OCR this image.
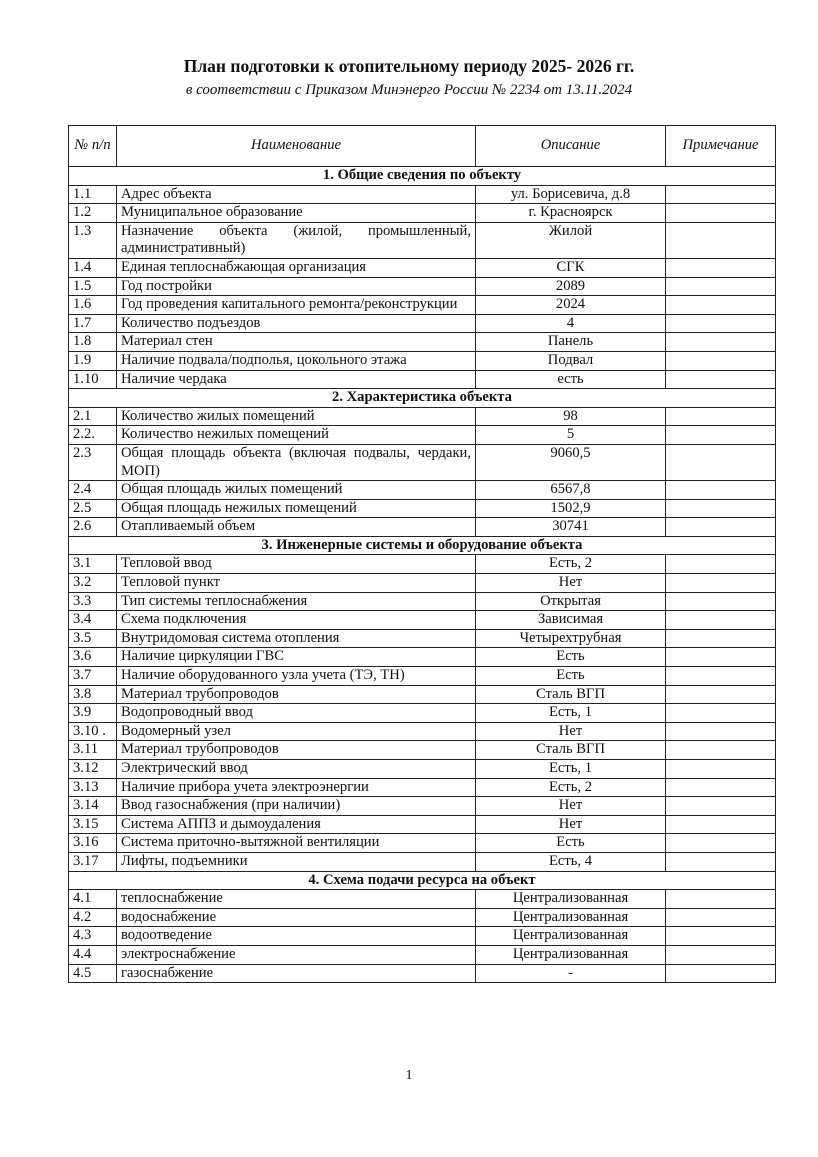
План подготовки к отопительному периоду 2025- 2026 гг.
в соответствии с Приказом Минэнерго России № 2234 от 13.11.2024
№ п/п	Наименование	Описание	Примечание
1. Общие сведения по объекту			
1.1	Адрес объекта	ул. Борисевича, д.8	
1.2	Муниципальное образование	г. Красноярск	
1.3	Назначение объекта (жилой, промышленный, административный)	Жилой	
1.4	Единая теплоснабжающая организация	СГК	
1.5	Год постройки	2089	
1.6	Год проведения капитального ремонта/реконструкции	2024	
1.7	Количество подъездов	4	
1.8	Материал стен	Панель	
1.9	Наличие подвала/подполья, цокольного этажа	Подвал	
1.10	Наличие чердака	есть	
2. Характеристика объекта			
2.1	Количество жилых помещений	98	
2.2.	Количество нежилых помещений	5	
2.3	Общая площадь объекта (включая подвалы, чердаки, МОП)	9060,5	
2.4	Общая площадь жилых помещений	6567,8	
2.5	Общая площадь нежилых помещений	1502,9	
2.6	Отапливаемый объем	30741	
3. Инженерные системы и оборудование объекта			
3.1	Тепловой ввод	Есть, 2	
3.2	Тепловой пункт	Нет	
3.3	Тип системы теплоснабжения	Открытая	
3.4	Схема подключения	Зависимая	
3.5	Внутридомовая система отопления	Четырехтрубная	
3.6	Наличие циркуляции ГВС	Есть	
3.7	Наличие оборудованного узла учета (ТЭ, ТН)	Есть	
3.8	Материал трубопроводов	Сталь ВГП	
3.9	Водопроводный ввод	Есть, 1	
3.10 .	Водомерный узел	Нет	
3.11	Материал трубопроводов	Сталь ВГП	
3.12	Электрический ввод	Есть, 1	
3.13	Наличие прибора учета электроэнергии	Есть, 2	
3.14	Ввод газоснабжения (при наличии)	Нет	
3.15	Система АППЗ и дымоудаления	Нет	
3.16	Система приточно-вытяжной вентиляции	Есть	
3.17	Лифты, подъемники	Есть, 4	
4. Схема подачи ресурса на объект			
4.1	теплоснабжение	Централизованная	
4.2	водоснабжение	Централизованная	
4.3	водоотведение	Централизованная	
4.4	электроснабжение	Централизованная	
4.5	газоснабжение	-	
1
